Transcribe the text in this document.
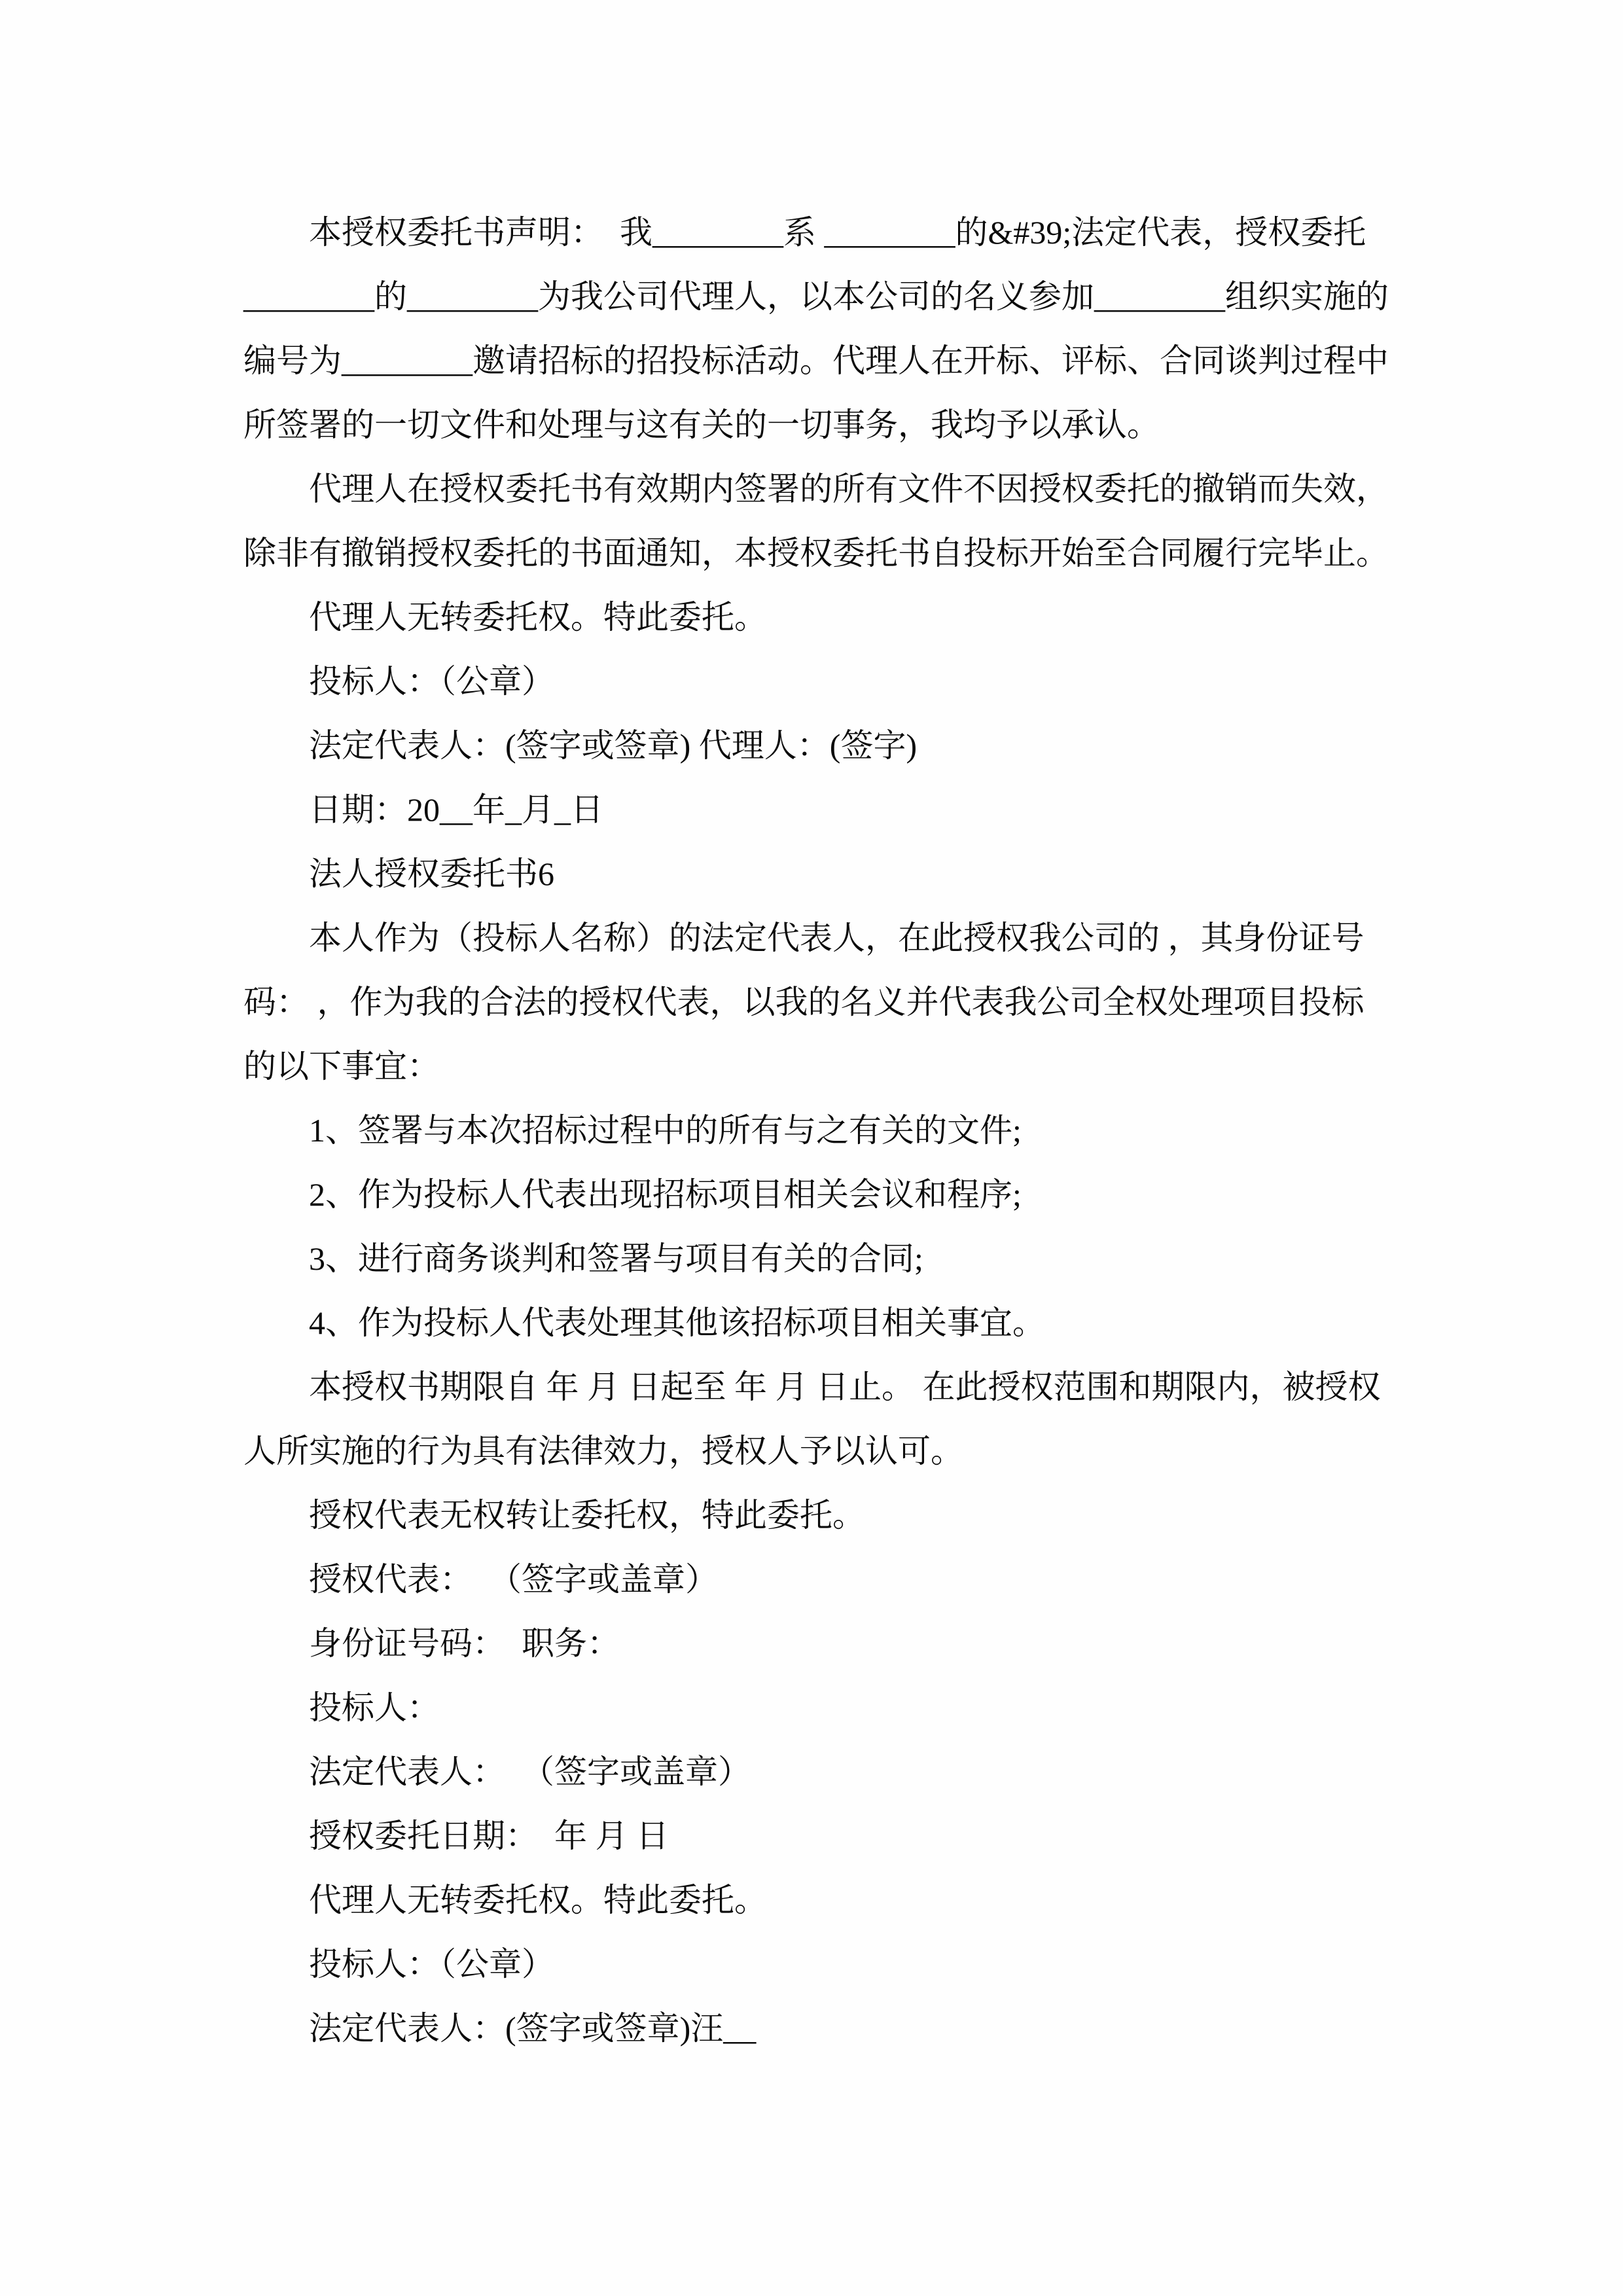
本授权委托书声明：  我________系 ________的&#39;法定代表，授权委托
________的________为我公司代理人，以本公司的名义参加________组织实施的
编号为________邀请招标的招投标活动。代理人在开标、评标、合同谈判过程中
所签署的一切文件和处理与这有关的一切事务，我均予以承认。
代理人在授权委托书有效期内签署的所有文件不因授权委托的撤销而失效，
除非有撤销授权委托的书面通知，本授权委托书自投标开始至合同履行完毕止。
代理人无转委托权。特此委托。
投标人：（公章）
法定代表人：(签字或签章) 代理人：(签字)
日期：20__年_月_日
法人授权委托书6
本人作为（投标人名称）的法定代表人，在此授权我公司的 ，其身份证号
码： ，作为我的合法的授权代表，以我的名义并代表我公司全权处理项目投标
的以下事宜：
1、签署与本次招标过程中的所有与之有关的文件;
2、作为投标人代表出现招标项目相关会议和程序;
3、进行商务谈判和签署与项目有关的合同;
4、作为投标人代表处理其他该招标项目相关事宜。
本授权书期限自 年 月 日起至 年 月 日止。 在此授权范围和期限内，被授权
人所实施的行为具有法律效力，授权人予以认可。
授权代表无权转让委托权，特此委托。
授权代表：  （签字或盖章）
身份证号码：  职务：
投标人：
法定代表人：  （签字或盖章）
授权委托日期：  年 月 日
代理人无转委托权。特此委托。
投标人：（公章）
法定代表人：(签字或签章)汪__
